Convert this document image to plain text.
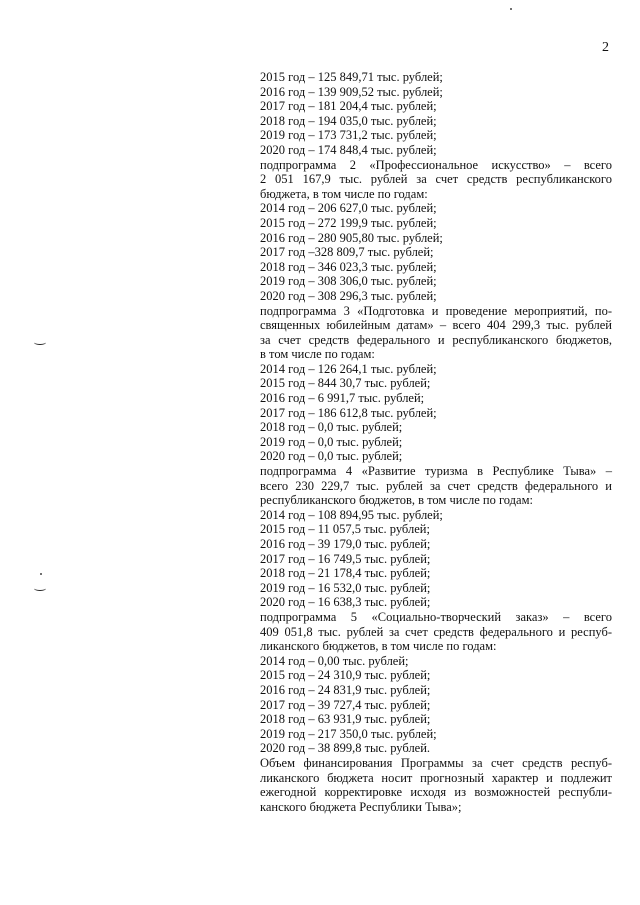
2
2015 год – 125 849,71 тыс. рублей;
2016 год – 139 909,52 тыс. рублей;
2017 год – 181 204,4 тыс. рублей;
2018 год – 194 035,0 тыс. рублей;
2019 год – 173 731,2 тыс. рублей;
2020 год – 174 848,4 тыс. рублей;
подпрограмма 2 «Профессиональное искусство» – всего
2 051 167,9 тыс. рублей за счет средств республиканского
бюджета, в том числе по годам:
2014 год – 206 627,0 тыс. рублей;
2015 год – 272 199,9 тыс. рублей;
2016 год – 280 905,80 тыс. рублей;
2017 год –328 809,7 тыс. рублей;
2018 год – 346 023,3 тыс. рублей;
2019 год – 308 306,0 тыс. рублей;
2020 год – 308 296,3 тыс. рублей;
подпрограмма 3 «Подготовка и проведение мероприятий, по-
священных юбилейным датам» – всего 404 299,3 тыс. рублей
за счет средств федерального и республиканского бюджетов,
в том числе по годам:
2014 год – 126 264,1 тыс. рублей;
2015 год – 844 30,7 тыс. рублей;
2016 год – 6 991,7 тыс. рублей;
2017 год – 186 612,8 тыс. рублей;
2018 год – 0,0 тыс. рублей;
2019 год – 0,0 тыс. рублей;
2020 год – 0,0 тыс. рублей;
подпрограмма 4 «Развитие туризма в Республике Тыва» –
всего 230 229,7 тыс. рублей за счет средств федерального и
республиканского бюджетов, в том числе по годам:
2014 год – 108 894,95 тыс. рублей;
2015 год – 11 057,5 тыс. рублей;
2016 год – 39 179,0 тыс. рублей;
2017 год – 16 749,5 тыс. рублей;
2018 год – 21 178,4 тыс. рублей;
2019 год – 16 532,0 тыс. рублей;
2020 год – 16 638,3 тыс. рублей;
подпрограмма 5 «Социально-творческий заказ» – всего
409 051,8 тыс. рублей за счет средств федерального и респуб-
ликанского бюджетов, в том числе по годам:
2014 год – 0,00 тыс. рублей;
2015 год – 24 310,9 тыс. рублей;
2016 год – 24 831,9 тыс. рублей;
2017 год – 39 727,4 тыс. рублей;
2018 год – 63 931,9 тыс. рублей;
2019 год – 217 350,0 тыс. рублей;
2020 год – 38 899,8 тыс. рублей.
Объем финансирования Программы за счет средств респуб-
ликанского бюджета носит прогнозный характер и подлежит
ежегодной корректировке исходя из возможностей республи-
канского бюджета Республики Тыва»;
